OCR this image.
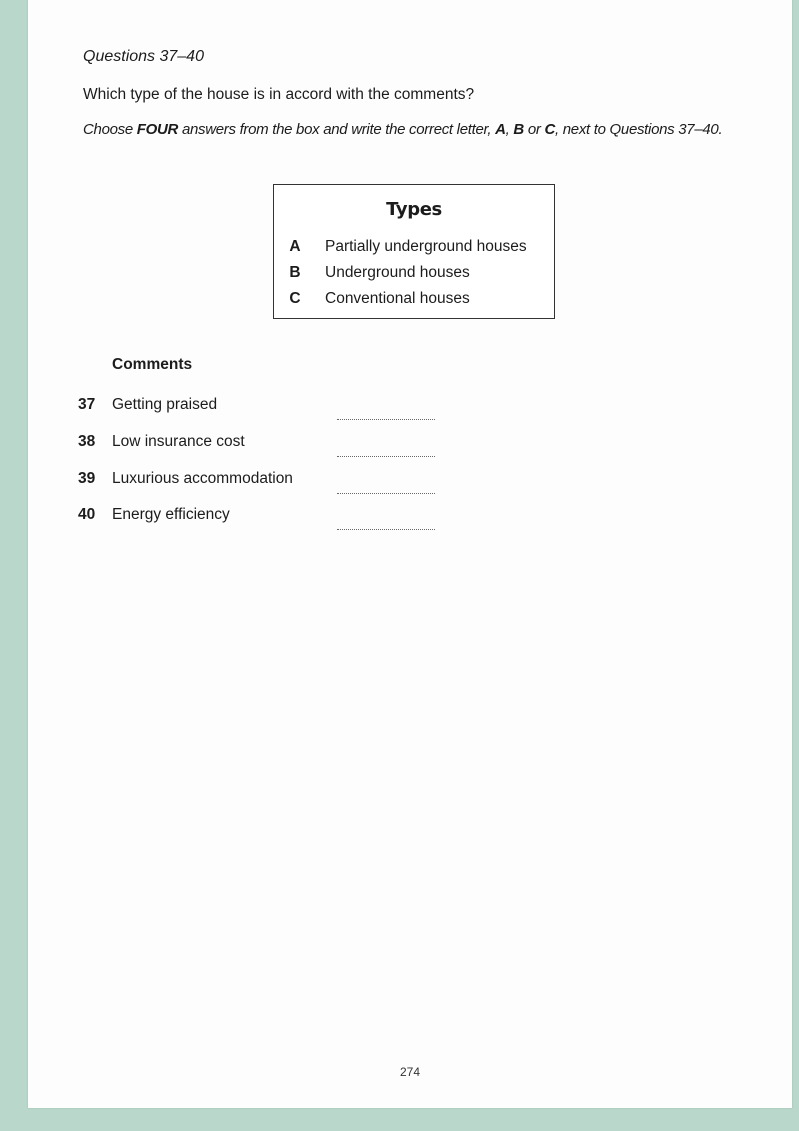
Questions 37–40
Which type of the house is in accord with the comments?
Choose FOUR answers from the box and write the correct letter, A, B or C, next to Questions 37–40.
Types
A Partially underground houses
B Underground houses
C Conventional houses
Comments
37 Getting praised
38 Low insurance cost
39 Luxurious accommodation
40 Energy efficiency
274
